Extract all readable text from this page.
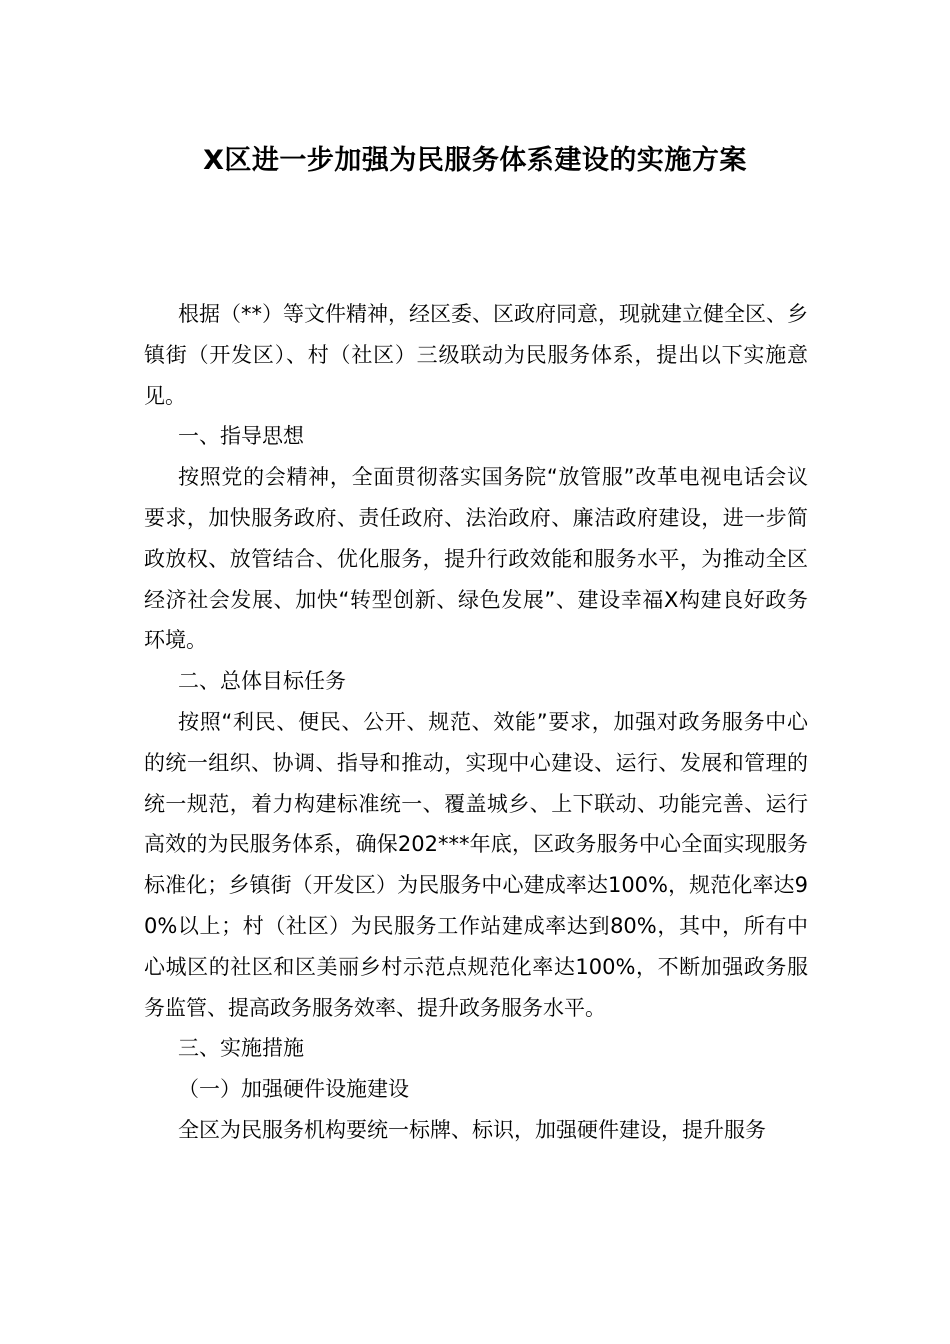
X区进一步加强为民服务体系建设的实施方案

根据（**）等文件精神，经区委、区政府同意，现就建立健全区、乡镇街（开发区）、村（社区）三级联动为民服务体系，提出以下实施意见。

一、指导思想

按照党的会精神，全面贯彻落实国务院“放管服”改革电视电话会议要求，加快服务政府、责任政府、法治政府、廉洁政府建设，进一步简政放权、放管结合、优化服务，提升行政效能和服务水平，为推动全区经济社会发展、加快“转型创新、绿色发展”、建设幸福X构建良好政务环境。

二、总体目标任务

按照“利民、便民、公开、规范、效能”要求，加强对政务服务中心的统一组织、协调、指导和推动，实现中心建设、运行、发展和管理的统一规范，着力构建标准统一、覆盖城乡、上下联动、功能完善、运行高效的为民服务体系，确保202***年底，区政务服务中心全面实现服务标准化；乡镇街（开发区）为民服务中心建成率达100%，规范化率达90%以上；村（社区）为民服务工作站建成率达到80%，其中，所有中心城区的社区和区美丽乡村示范点规范化率达100%，不断加强政务服务监管、提高政务服务效率、提升政务服务水平。

三、实施措施

（一）加强硬件设施建设

全区为民服务机构要统一标牌、标识，加强硬件建设，提升服务
